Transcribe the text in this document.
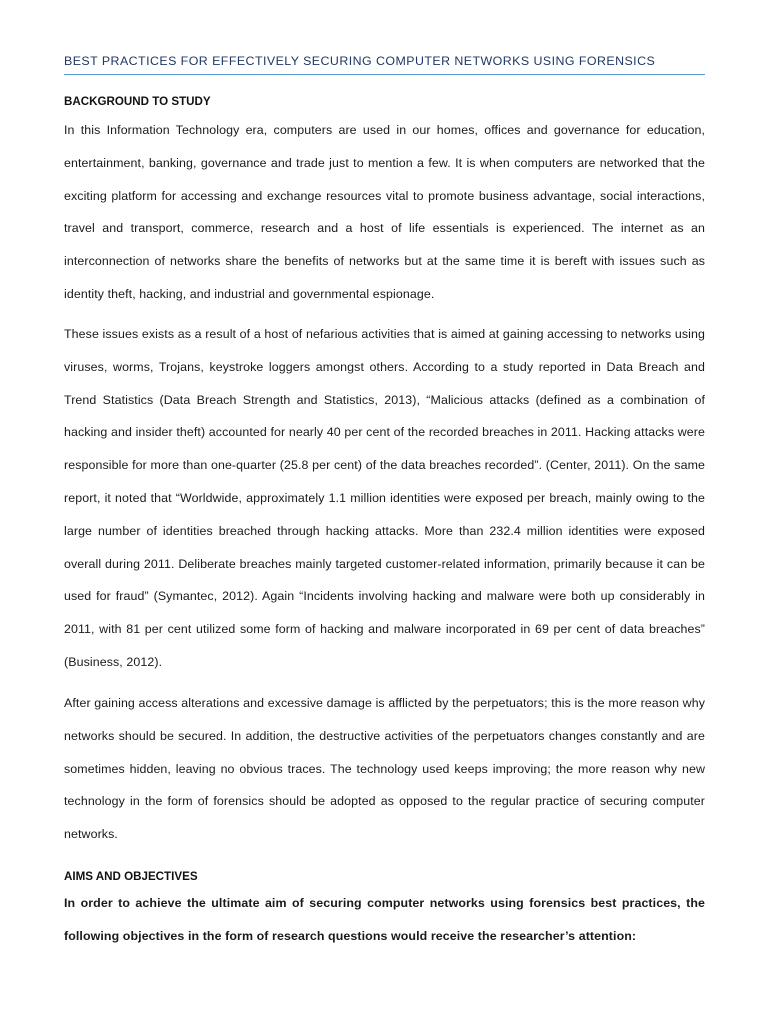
BEST PRACTICES FOR EFFECTIVELY SECURING COMPUTER NETWORKS USING FORENSICS
BACKGROUND TO STUDY
In this Information Technology era, computers are used in our homes, offices and governance for education, entertainment, banking, governance and trade just to mention a few. It is when computers are networked that the exciting platform for accessing and exchange resources vital to promote business advantage, social interactions, travel and transport, commerce, research and a host of life essentials is experienced. The internet as an interconnection of networks share the benefits of networks but at the same time it is bereft with issues such as identity theft, hacking, and industrial and governmental espionage.
These issues exists as a result of a host of nefarious activities that is aimed at gaining accessing to networks using viruses, worms, Trojans, keystroke loggers amongst others. According to a study reported in Data Breach and Trend Statistics (Data Breach Strength and Statistics, 2013), “Malicious attacks (defined as a combination of hacking and insider theft) accounted for nearly 40 per cent of the recorded breaches in 2011. Hacking attacks were responsible for more than one-quarter (25.8 per cent) of the data breaches recorded”. (Center, 2011). On the same report, it noted that “Worldwide, approximately 1.1 million identities were exposed per breach, mainly owing to the large number of identities breached through hacking attacks. More than 232.4 million identities were exposed overall during 2011. Deliberate breaches mainly targeted customer-related information, primarily because it can be used for fraud” (Symantec, 2012). Again “Incidents involving hacking and malware were both up considerably in 2011, with 81 per cent utilized some form of hacking and malware incorporated in 69 per cent of data breaches” (Business, 2012).
After gaining access alterations and excessive damage is afflicted by the perpetuators; this is the more reason why networks should be secured. In addition, the destructive activities of the perpetuators changes constantly and are sometimes hidden, leaving no obvious traces. The technology used keeps improving; the more reason why new technology in the form of forensics should be adopted as opposed to the regular practice of securing computer networks.
AIMS AND OBJECTIVES
In order to achieve the ultimate aim of securing computer networks using forensics best practices, the following objectives in the form of research questions would receive the researcher’s attention:
